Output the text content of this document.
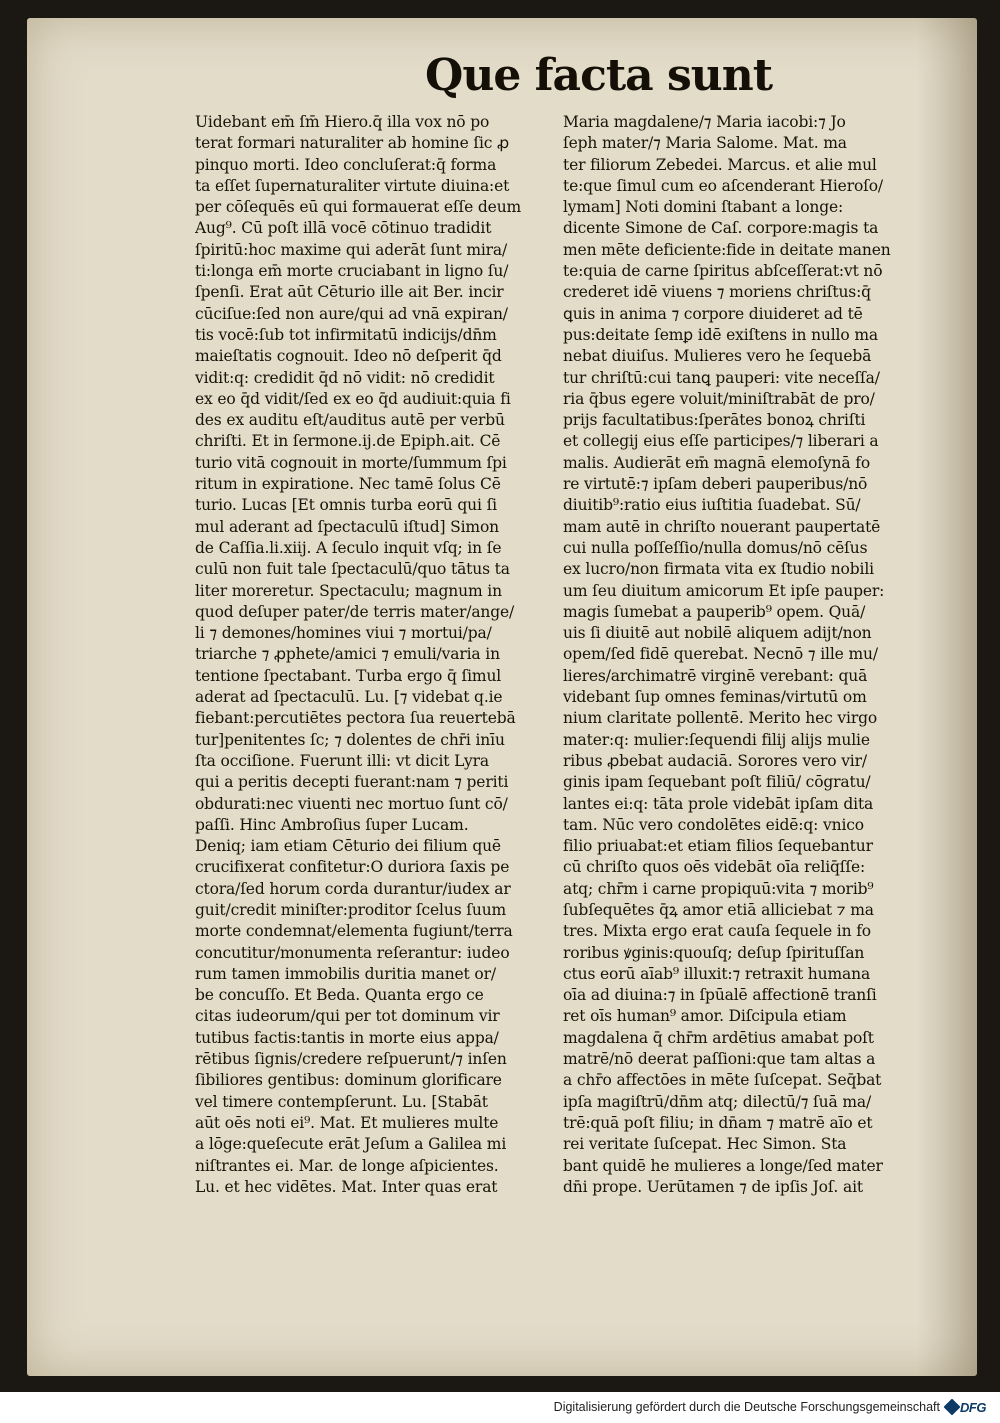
Que facta sunt
Uidebant em̄ ſm̄ Hiero.q̄ illa vox nō po
terat formari naturaliter ab homine ſic ꝓ
pinquo morti. Ideo concluſerat:q̄ forma
ta eſſet ſupernaturaliter virtute diuina:et
per cōſequēs eū qui formauerat eſſe deum
Aug⁹. Cū poſt illā vocē cōtinuo tradidit
ſpiritū:hoc maxime qui aderāt ſunt mira/
ti:longa em̄ morte cruciabant in ligno ſu/
ſpenſi. Erat aūt Cēturio ille ait Ber. incir
cūciſue:ſed non aure/qui ad vnā expiran/
tis vocē:ſub tot infirmitatū indicijs/dn̄m
maieſtatis cognouit. Ideo nō deſperit q̄d
vidit:q: credidit q̄d nō vidit: nō credidit
ex eo q̄d vidit/ſed ex eo q̄d audiuit:quia fi
des ex auditu eſt/auditus autē per verbū
chriſti. Et in ſermone.ij.de Epiph.ait. Cē
turio vitā cognouit in morte/ſummum ſpi
ritum in expiratione. Nec tamē ſolus Cē
turio. Lucas [Et omnis turba eorū qui ſi
mul aderant ad ſpectaculū iſtud] Simon
de Caſſia.li.xiij. A ſeculo inquit vſq; in ſe
culū non fuit tale ſpectaculū/quo tātus ta
liter moreretur. Spectaculu; magnum in
quod deſuper pater/de terris mater/ange/
li ⁊ demones/homines viui ⁊ mortui/pa/
triarche ⁊ ꝓphete/amici ⁊ emuli/varia in
tentione ſpectabant. Turba ergo q̄ ſimul
aderat ad ſpectaculū. Lu. [⁊ videbat q.ie
fiebant:percutiētes pectora ſua reuertebā
tur]penitentes ſc; ⁊ dolentes de chr̄i inīu
ſta occiſione. Fuerunt illi: vt dicit Lyra
qui a peritis decepti fuerant:nam ⁊ periti
obdurati:nec viuenti nec mortuo ſunt cō/
paſſi. Hinc Ambroſius ſuper Lucam.
Deniq; iam etiam Cēturio dei filium quē
crucifixerat confitetur:O duriora ſaxis pe
ctora/ſed horum corda durantur/iudex ar
guit/credit miniſter:proditor ſcelus ſuum
morte condemnat/elementa fugiunt/terra
concutitur/monumenta reſerantur: iudeo
rum tamen immobilis duritia manet or/
be concuſſo. Et Beda. Quanta ergo ce
citas iudeorum/qui per tot dominum vir
tutibus factis:tantis in morte eius appa/
rētibus ſignis/credere reſpuerunt/⁊ inſen
ſibiliores gentibus: dominum glorificare
vel timere contempſerunt. Lu. [Stabāt
aūt oēs noti ei⁹. Mat. Et mulieres multe
a lōge:queſecute erāt Jeſum a Galilea mi
niſtrantes ei. Mar. de longe aſpicientes.
Lu. et hec vidētes. Mat. Inter quas erat
Maria magdalene/⁊ Maria iacobi:⁊ Jo
ſeph mater/⁊ Maria Salome. Mat. ma
ter filiorum Zebedei. Marcus. et alie mul
te:que ſimul cum eo aſcenderant Hieroſo/
lymam] Noti domini ſtabant a longe:
dicente Simone de Caſ. corpore:magis ta
men mēte deficiente:fide in deitate manen
te:quia de carne ſpiritus abſceſſerat:vt nō
crederet idē viuens ⁊ moriens chriſtus:q̄
ꝗuis in anima ⁊ corpore diuideret ad tē
pus:deitate ſemꝑ idē exiſtens in nullo ma
nebat diuiſus. Mulieres vero he ſequebā
tur chriſtū:cui tanꝗ pauperi: vite neceſſa/
ria q̄bus egere voluit/miniſtrabāt de pro/
prijs facultatibus:ſperātes bonoꝝ chriſti
et collegij eius eſſe participes/⁊ liberari a
malis. Audierāt em̄ magnā elemoſynā fo
re virtutē:⁊ ipſam deberi pauperibus/nō
diuitib⁹:ratio eius iuſtitia ſuadebat. Sū/
mam autē in chriſto nouerant paupertatē
cui nulla poſſeſſio/nulla domus/nō cēſus
ex lucro/non firmata vita ex ſtudio nobili
um ſeu diuitum amicorum Et ipſe pauper:
magis ſumebat a pauperib⁹ opem. Quā/
uis ſi diuitē aut nobilē aliquem adijt/non
opem/ſed fidē querebat. Necnō ⁊ ille mu/
lieres/archimatrē virginē verebant: quā
videbant ſup omnes feminas/virtutū om
nium claritate pollentē. Merito hec virgo
mater:q: mulier:ſequendi filij alijs mulie
ribus ꝓbebat audaciā. Sorores vero vir/
ginis ipam ſequebant poſt filiū/ cōgratu/
lantes ei:q: tāta prole videbāt ipſam dita
tam. Nūc vero condolētes eidē:q: vnico
filio priuabat:et etiam filios ſequebantur
cū chriſto quos oēs videbāt oīa reliq̄ſſe:
atq; chr̄m i carne propiquū:vita ⁊ morib⁹
ſubſequētes q̄ꝝ amor etiā alliciebat ⁊ ma
tres. Mixta ergo erat cauſa ſequele in fo
roribus ꝟginis:quouſq; deſup ſpirituſſan
ctus eorū aīab⁹ illuxit:⁊ retraxit humana
oīa ad diuina:⁊ in ſpūalē affectionē tranſi
ret oīs human⁹ amor. Diſcipula etiam
magdalena q̄ chr̄m ardētius amabat poſt
matrē/nō deerat paſſioni:que tam altas a
a chr̄o affectōes in mēte ſuſcepat. Seq̄bat
ipſa magiſtrū/dn̄m atq; dilectū/⁊ ſuā ma/
trē:quā poſt filiu; in dn̄am ⁊ matrē aīo et
rei veritate ſuſcepat. Hec Simon. Sta
bant quidē he mulieres a longe/ſed mater
dn̄i prope. Uerūtamen ⁊ de ipſis Joſ. ait
Digitalisierung gefördert durch die Deutsche Forschungsgemeinschaft DFG
